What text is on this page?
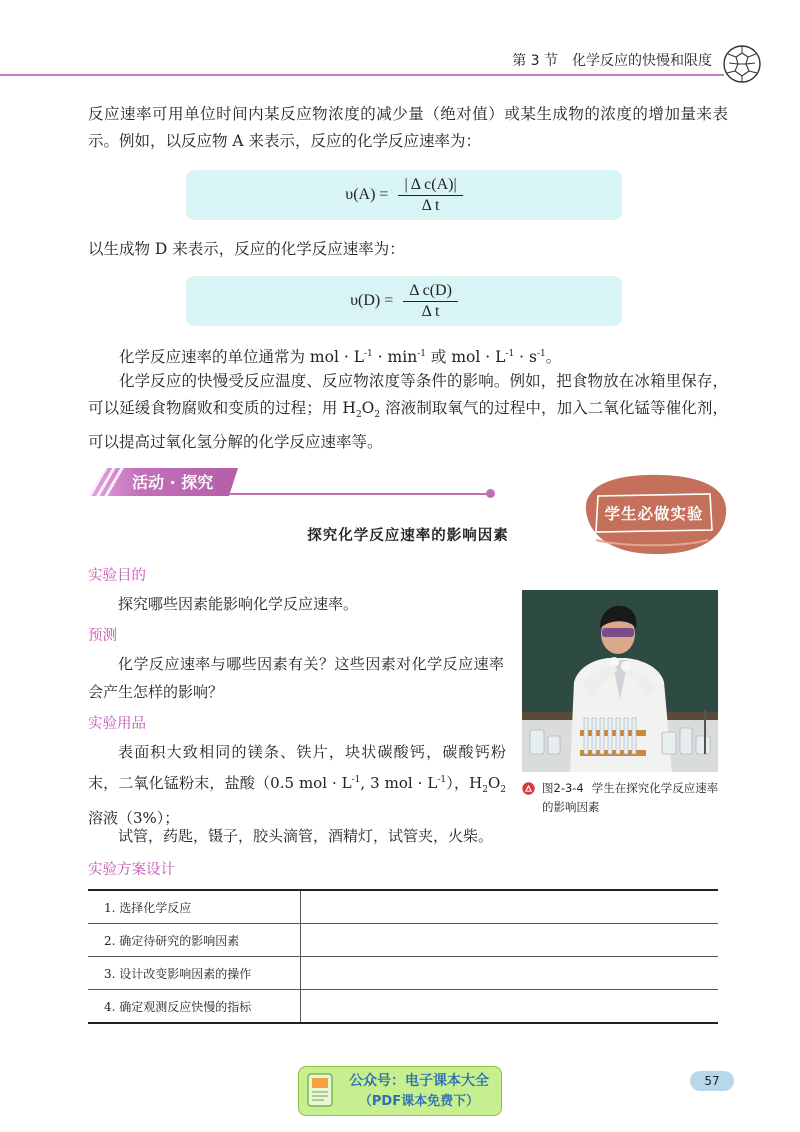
第 3 节 化学反应的快慢和限度
反应速率可用单位时间内某反应物浓度的减少量（绝对值）或某生成物的浓度的增加量来表示。例如，以反应物 A 来表示，反应的化学反应速率为：
$\upsilon(A) = \frac{\text{| Δ c(A)|}}{\text{Δ t}}$
以生成物 D 来表示，反应的化学反应速率为：
$\upsilon(D) = \frac{\text{Δ c(D)}}{\text{Δ t}}$
化学反应速率的单位通常为 mol · $L^{-1} \cdot \min^{-1}$ 或 mol · $L^{-1} \cdot s^{-1}$。
化学反应的快慢受反应温度、反应物浓度等条件的影响。例如，把食物放在冰箱里保存，可以延缓食物腐败和变质的过程；用 $H_2O_2$ 溶液制取氧气的过程中，加入二氧化锰等催化剂，可以提高过氧化氢分解的化学反应速率等。
活动 · 探究
学生必做实验
探究化学反应速率的影响因素
实验目的
探究哪些因素能影响化学反应速率。
预测
化学反应速率与哪些因素有关？这些因素对化学反应速率会产生怎样的影响？
实验用品
表面积大致相同的镁条、铁片，块状碳酸钙，碳酸钙粉末，二氧化锰粉末，盐酸（0.5 mol · $L^{-1}$, 3 mol · $L^{-1}$），$H_2O_2$ 溶液（3%）；
试管，药匙，镊子，胶头滴管，酒精灯，试管夹，火柴。
实验方案设计
图2-3-4 学生在探究化学反应速率的影响因素
1. 选择化学反应	
2. 确定待研究的影响因素	
3. 设计改变影响因素的操作	
4. 确定观测反应快慢的指标	
57
公众号：电子课本大全
（PDF课本免费下）
